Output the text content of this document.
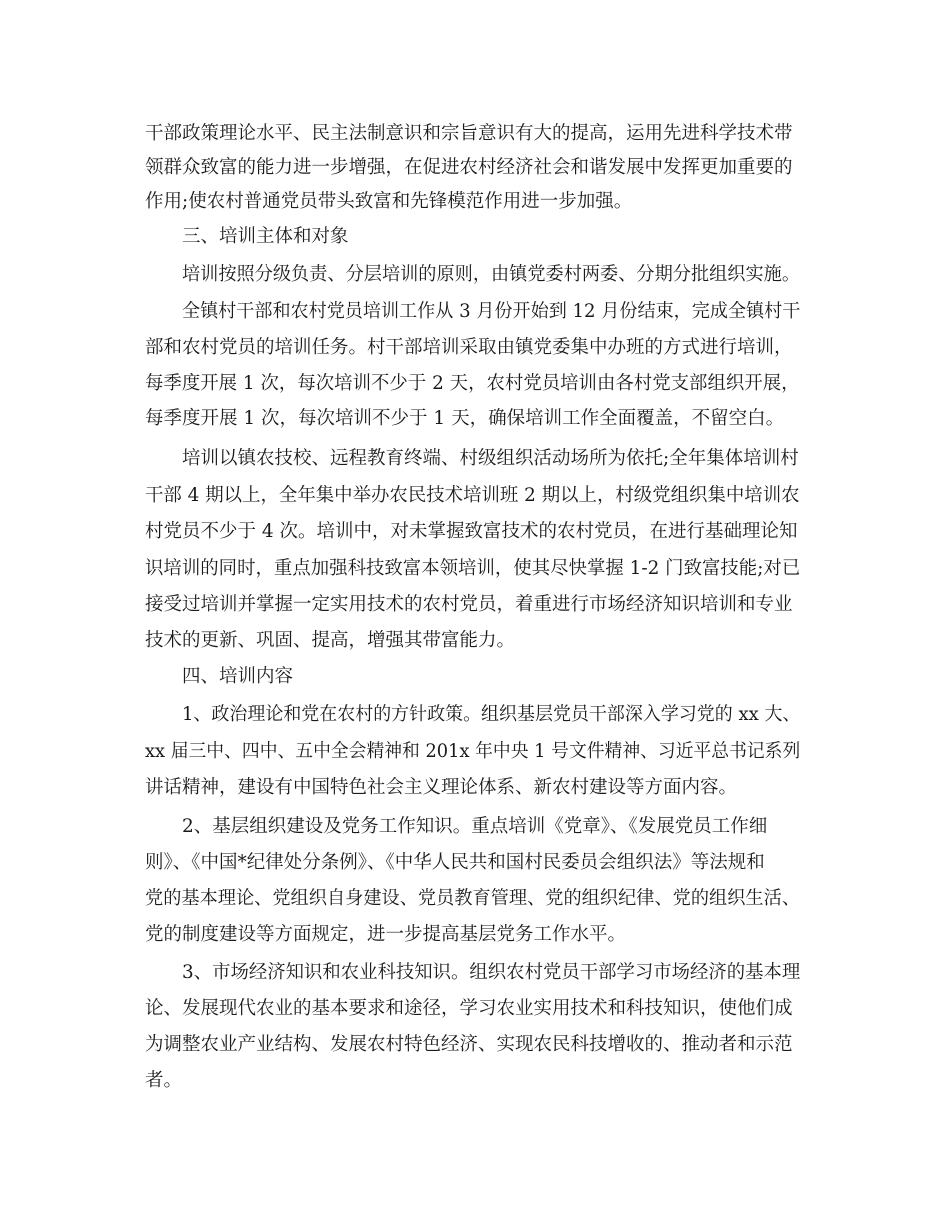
干部政策理论水平、民主法制意识和宗旨意识有大的提高，运用先进科学技术带
领群众致富的能力进一步增强，在促进农村经济社会和谐发展中发挥更加重要的
作用;使农村普通党员带头致富和先锋模范作用进一步加强。
三、培训主体和对象
培训按照分级负责、分层培训的原则，由镇党委村两委、分期分批组织实施。
全镇村干部和农村党员培训工作从 3 月份开始到 12 月份结束，完成全镇村干
部和农村党员的培训任务。村干部培训采取由镇党委集中办班的方式进行培训，
每季度开展 1 次，每次培训不少于 2 天，农村党员培训由各村党支部组织开展，
每季度开展 1 次，每次培训不少于 1 天，确保培训工作全面覆盖，不留空白。
培训以镇农技校、远程教育终端、村级组织活动场所为依托;全年集体培训村
干部 4 期以上，全年集中举办农民技术培训班 2 期以上，村级党组织集中培训农
村党员不少于 4 次。培训中，对未掌握致富技术的农村党员，在进行基础理论知
识培训的同时，重点加强科技致富本领培训，使其尽快掌握 1-2 门致富技能;对已
接受过培训并掌握一定实用技术的农村党员，着重进行市场经济知识培训和专业
技术的更新、巩固、提高，增强其带富能力。
四、培训内容
1、政治理论和党在农村的方针政策。组织基层党员干部深入学习党的 xx 大、
xx 届三中、四中、五中全会精神和 201x 年中央 1 号文件精神、习近平总书记系列
讲话精神，建设有中国特色社会主义理论体系、新农村建设等方面内容。
2、基层组织建设及党务工作知识。重点培训《党章》、《发展党员工作细
则》、《中国*纪律处分条例》、《中华人民共和国村民委员会组织法》等法规和
党的基本理论、党组织自身建设、党员教育管理、党的组织纪律、党的组织生活、
党的制度建设等方面规定，进一步提高基层党务工作水平。
3、市场经济知识和农业科技知识。组织农村党员干部学习市场经济的基本理
论、发展现代农业的基本要求和途径，学习农业实用技术和科技知识，使他们成
为调整农业产业结构、发展农村特色经济、实现农民科技增收的、推动者和示范
者。
